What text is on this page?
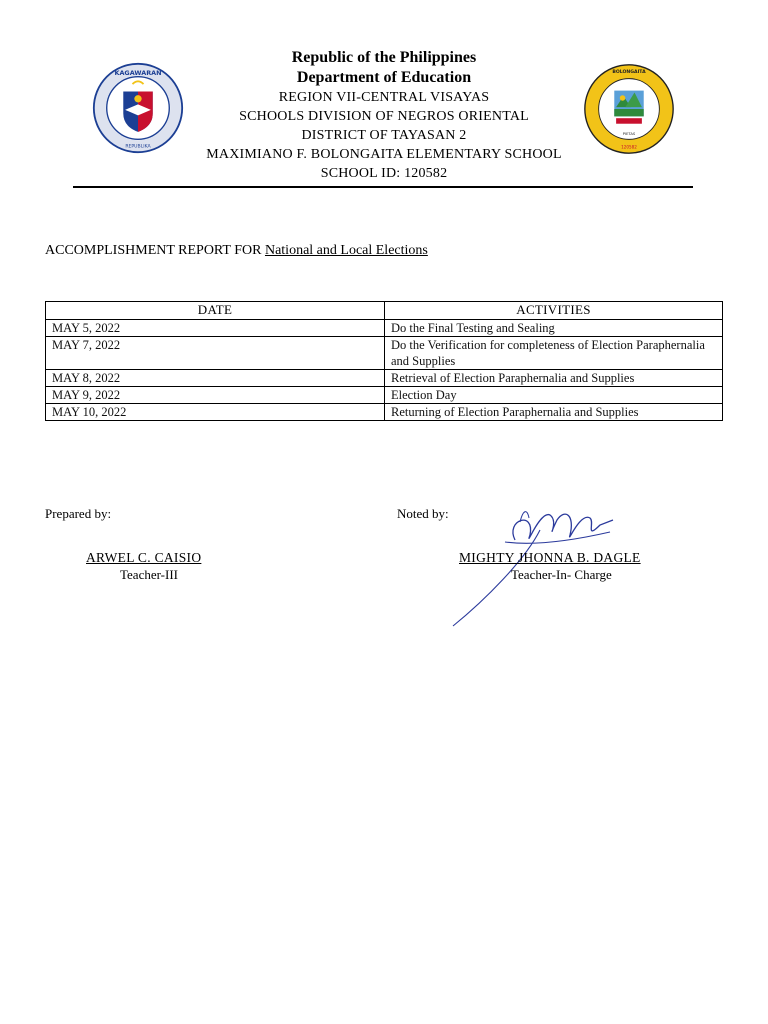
KAGAWARAN
REPUBLIKA
Republic of the Philippines
Department of Education
REGION VII-CENTRAL VISAYAS
SCHOOLS DIVISION OF NEGROS ORIENTAL
DISTRICT OF TAYASAN 2
MAXIMIANO F. BOLONGAITA ELEMENTARY SCHOOL
SCHOOL ID: 120582
BOLONGAITA
PIETAS
120582
ACCOMPLISHMENT REPORT FOR National and Local Elections
DATE	ACTIVITIES
MAY 5, 2022	Do the Final Testing and Sealing
MAY 7, 2022	Do the Verification for completeness of Election Paraphernalia and Supplies
MAY 8, 2022	Retrieval of Election Paraphernalia and Supplies
MAY 9, 2022	Election Day
MAY 10, 2022	Returning of Election Paraphernalia and Supplies
Prepared by:	Noted by:
ARWEL C. CAISIO
Teacher-III
MIGHTY JHONNA B. DAGLE
Teacher-In- Charge
